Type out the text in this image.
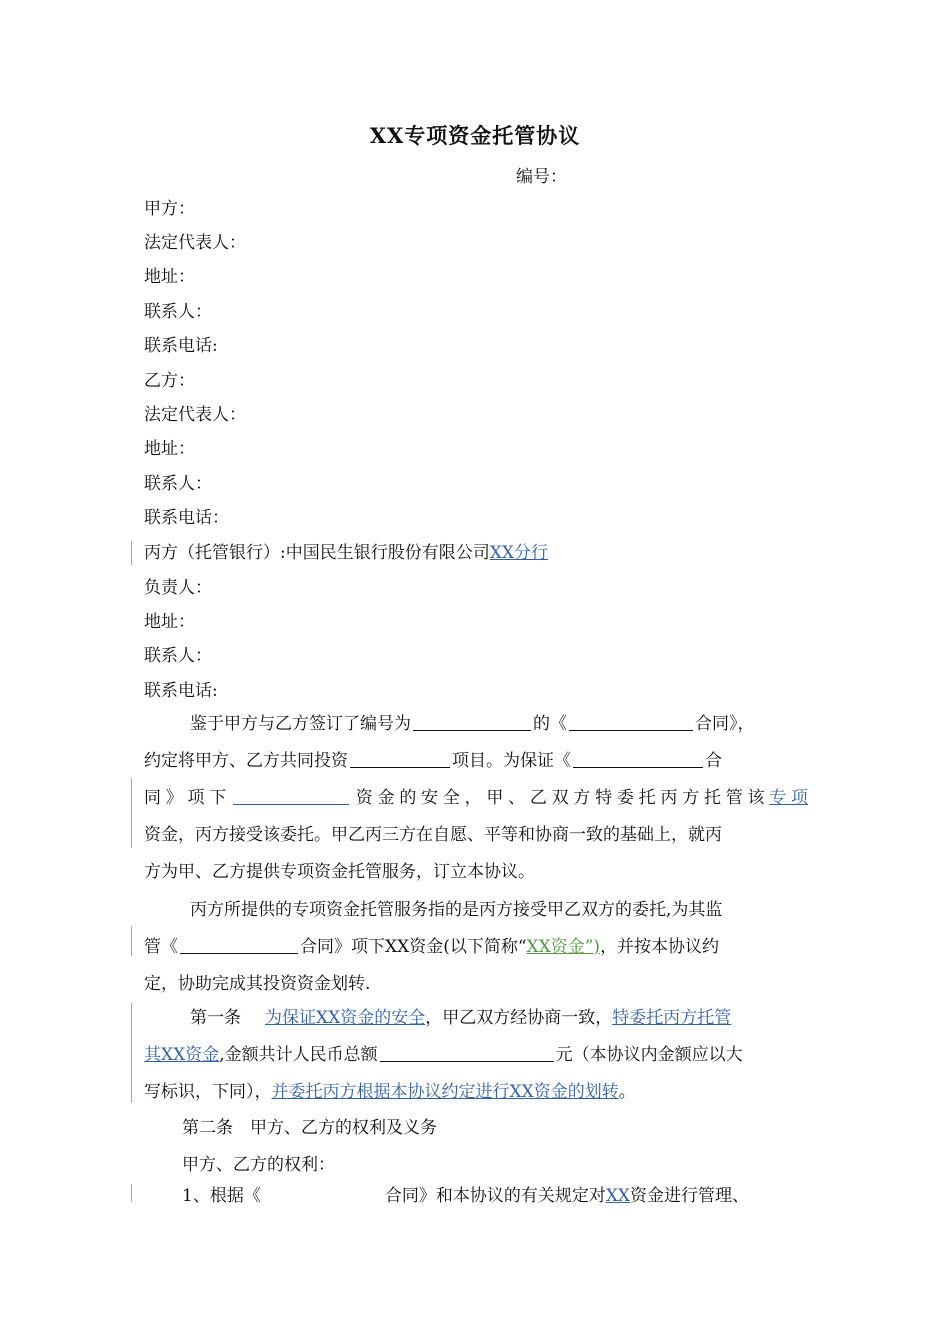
XX专项资金托管协议
编号：
甲方：
法定代表人：
地址：
联系人：
联系电话:
乙方：
法定代表人：
地址：
联系人：
联系电话：
丙方（托管银行）:中国民生银行股份有限公司XX分行
负责人：
地址：
联系人：
联系电话:
鉴于甲方与乙方签订了编号为	的《	合同》，
约定将甲方、乙方共同投资	项目。为保证《	合
同》项下	资金的安全，甲、乙双方特委托丙方托管该专项
资金，丙方接受该委托。甲乙丙三方在自愿、平等和协商一致的基础上，就丙
方为甲、乙方提供专项资金托管服务，订立本协议。
丙方所提供的专项资金托管服务指的是丙方接受甲乙双方的委托,为其监
管《	合同》项下XX资金(以下简称“XX资金”)，并按本协议约
定，协助完成其投资资金划转.
第一条 为保证XX资金的安全，甲乙双方经协商一致，特委托丙方托管
其XX资金,金额共计人民币总额	元（本协议内金额应以大
写标识，下同），并委托丙方根据本协议约定进行XX资金的划转。
第二条　甲方、乙方的权利及义务
甲方、乙方的权利：
1、根据《	合同》和本协议的有关规定对XX资金进行管理、
